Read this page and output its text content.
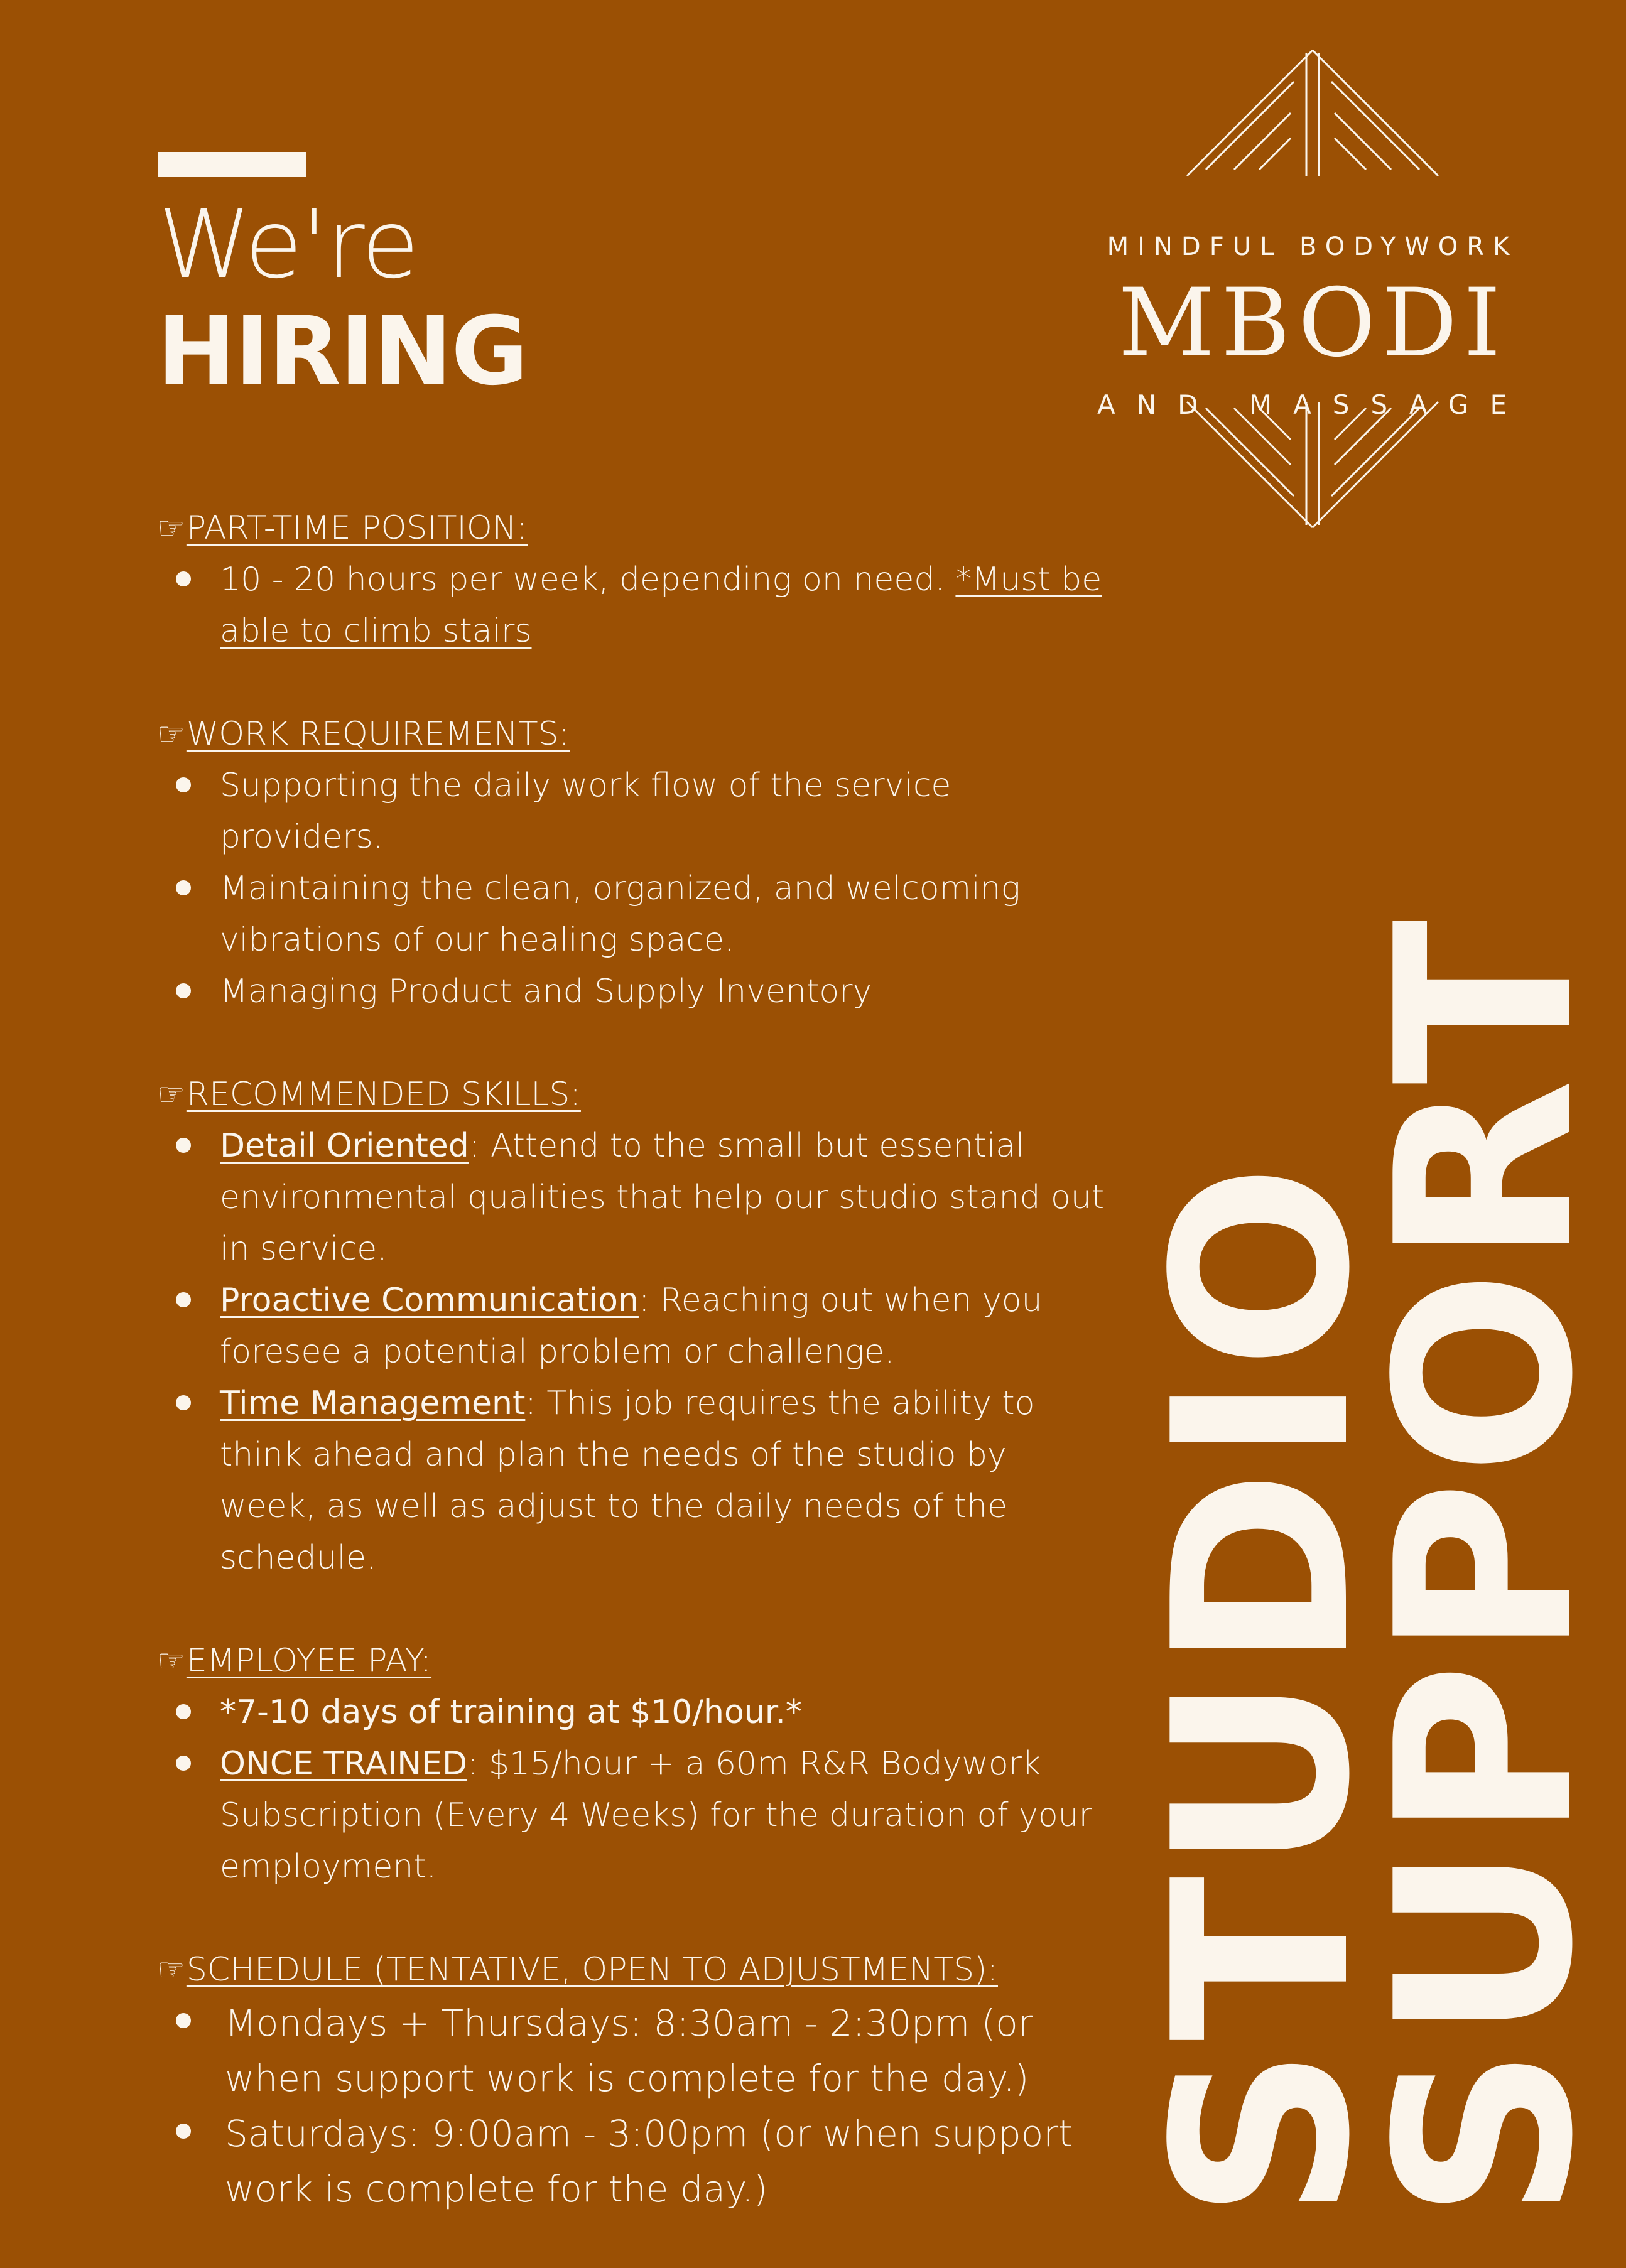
We're
HIRING
MINDFUL BODYWORK
MBODI
AND MASSAGE
☞ PART-TIME POSITION:
10 - 20 hours per week, depending on need. *Must be able to climb stairs
☞ WORK REQUIREMENTS:
Supporting the daily work flow of the service providers.
Maintaining the clean, organized, and welcoming vibrations of our healing space.
Managing Product and Supply Inventory
☞ RECOMMENDED SKILLS:
Detail Oriented: Attend to the small but essential environmental qualities that help our studio stand out in service.
Proactive Communication: Reaching out when you foresee a potential problem or challenge.
Time Management: This job requires the ability to think ahead and plan the needs of the studio by week, as well as adjust to the daily needs of the schedule.
☞ EMPLOYEE PAY:
*7-10 days of training at $10/hour.*
ONCE TRAINED: $15/hour + a 60m R&R Bodywork Subscription (Every 4 Weeks) for the duration of your employment.
☞ SCHEDULE (TENTATIVE, OPEN TO ADJUSTMENTS):
Mondays + Thursdays: 8:30am - 2:30pm (or when support work is complete for the day.)
Saturdays: 9:00am - 3:00pm (or when support work is complete for the day.)	STUDIO
SUPPORT
